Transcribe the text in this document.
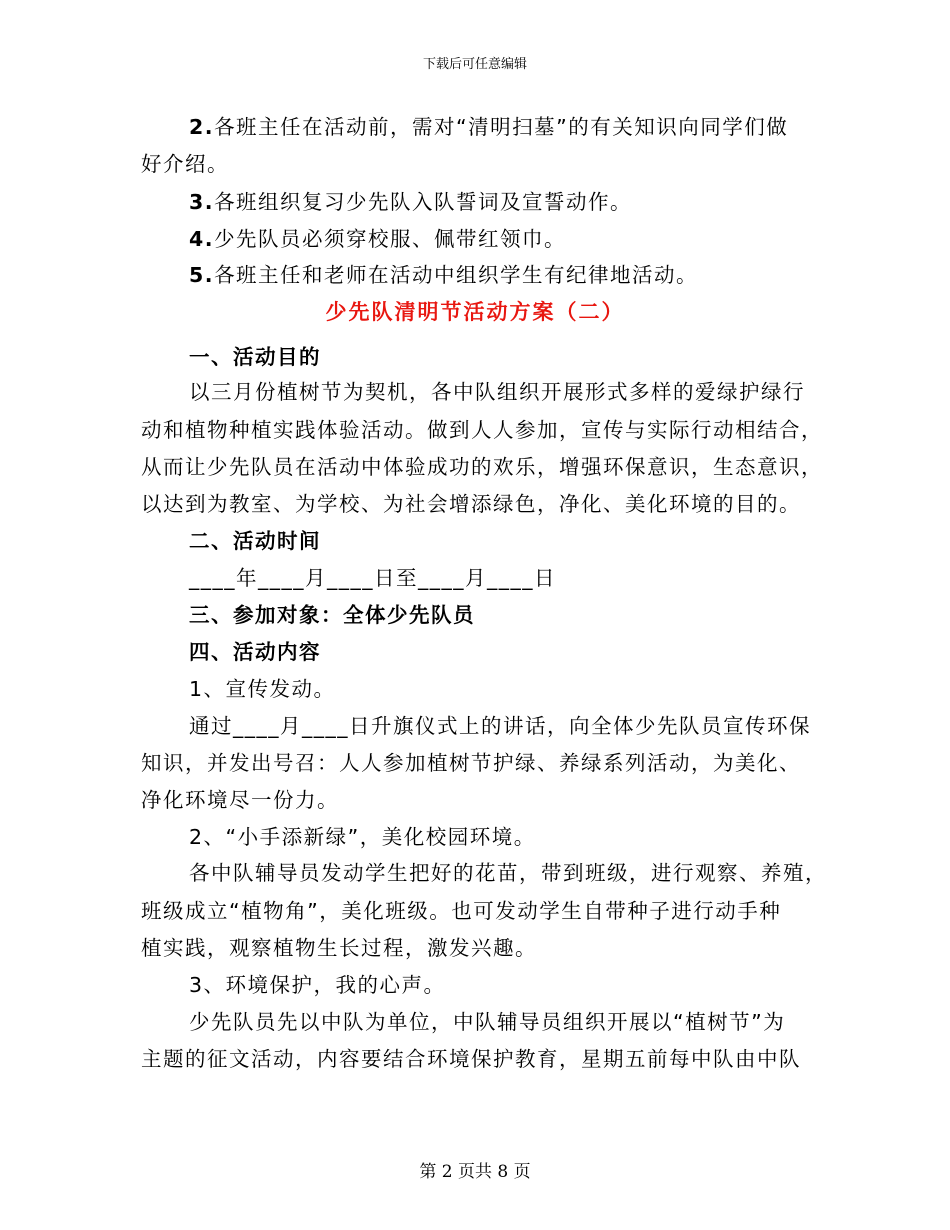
下载后可任意编辑
2.各班主任在活动前，需对“清明扫墓”的有关知识向同学们做
好介绍。
3.各班组织复习少先队入队誓词及宣誓动作。
4.少先队员必须穿校服、佩带红领巾。
5.各班主任和老师在活动中组织学生有纪律地活动。
少先队清明节活动方案（二）
一、活动目的
以三月份植树节为契机，各中队组织开展形式多样的爱绿护绿行
动和植物种植实践体验活动。做到人人参加，宣传与实际行动相结合，
从而让少先队员在活动中体验成功的欢乐，增强环保意识，生态意识，
以达到为教室、为学校、为社会增添绿色，净化、美化环境的目的。
二、活动时间
____年____月____日至____月____日
三、参加对象：全体少先队员
四、活动内容
1、宣传发动。
通过____月____日升旗仪式上的讲话，向全体少先队员宣传环保
知识，并发出号召：人人参加植树节护绿、养绿系列活动，为美化、
净化环境尽一份力。
2、“小手添新绿”，美化校园环境。
各中队辅导员发动学生把好的花苗，带到班级，进行观察、养殖，
班级成立“植物角”，美化班级。也可发动学生自带种子进行动手种
植实践，观察植物生长过程，激发兴趣。
3、环境保护，我的心声。
少先队员先以中队为单位，中队辅导员组织开展以“植树节”为
主题的征文活动，内容要结合环境保护教育，星期五前每中队由中队
第 2 页共 8 页
